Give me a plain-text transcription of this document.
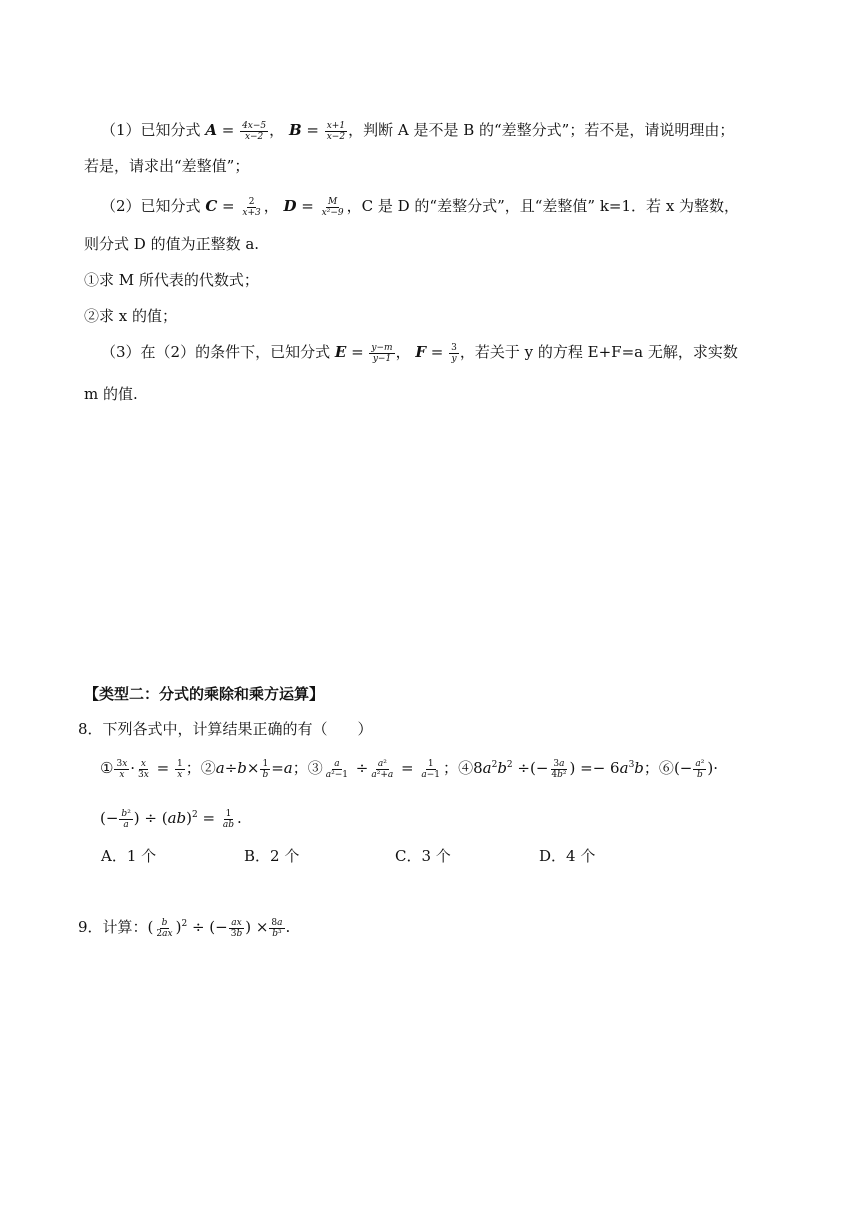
（1）已知分式 $A = \frac{4x-5}{x-2}$ ， $B = \frac{x+1}{x-2}$ ，判断 A 是不是 B 的“差整分式”；若不是，请说明理由；
若是，请求出“差整值”；
（2）已知分式 $C = \frac{2}{x+3}$ ， $D = \frac{M}{\text{x²−9}}$ ，C 是 D 的“差整分式”，且“差整值” k=1．若 x 为整数，
则分式 D 的值为正整数 a.
①求 M 所代表的代数式；
②求 x 的值；
（3）在（2）的条件下，已知分式 $E = \frac{y-m}{y-1}$ ， $F = \frac{3}{y}$ ，若关于 y 的方程 E+F=a 无解，求实数
m 的值.
【类型二：分式的乘除和乘方运算】
8．下列各式中，计算结果正确的有（　　）
① $\frac{3x}{x} \cdot \frac{x}{3x} = \frac{1}{x}$ ；②a÷b× $\frac{1}{b} =a$；③ $\frac{a}{\text{a²−1}} \div \frac{\text{a²}}{\text{a²+a}} = \frac{1}{a-1}$ ；$④8a^2b^2$ ÷(− $\frac{3a}{\text{4b²}}$ ) =− $6a^3b$；⑥(− $\frac{\text{a²}}{b}$ )·
(− $\frac{\text{b²}}{a}$ ) ÷ $(ab)^2 = \frac{1}{ab}$ .
A．1 个	B．2 个	C．3 个	D．4 个
9．计算：( $\frac{b}{2ax} )^2$ ÷ (− $\frac{ax}{3b}$ ) × $\frac{8a}{\text{b³}}$ .
